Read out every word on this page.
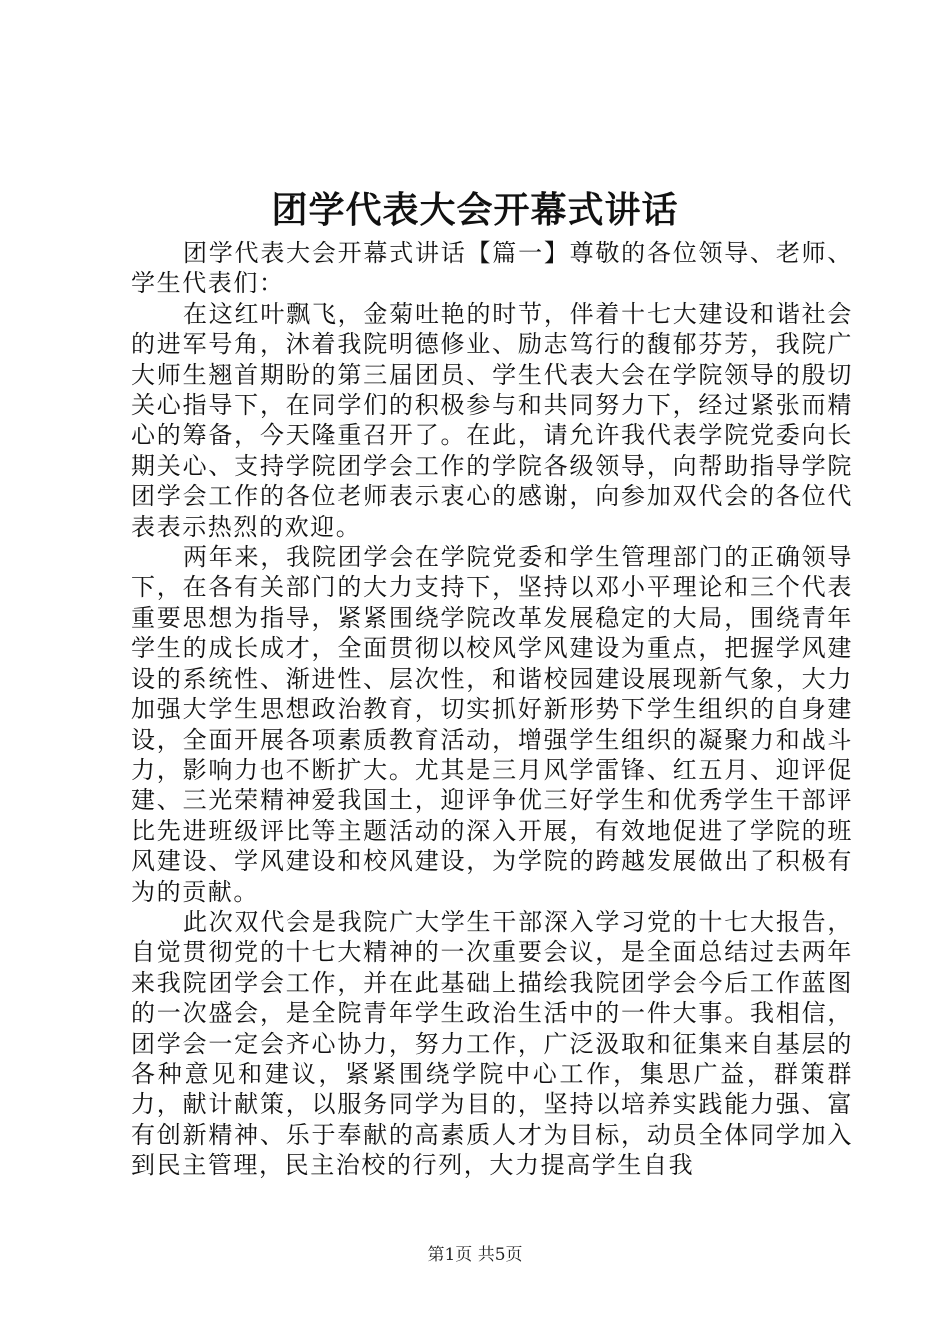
团学代表大会开幕式讲话

团学代表大会开幕式讲话【篇一】尊敬的各位领导、老师、学生代表们：

在这红叶飘飞，金菊吐艳的时节，伴着十七大建设和谐社会的进军号角，沐着我院明德修业、励志笃行的馥郁芬芳，我院广大师生翘首期盼的第三届团员、学生代表大会在学院领导的殷切关心指导下，在同学们的积极参与和共同努力下，经过紧张而精心的筹备，今天隆重召开了。在此，请允许我代表学院党委向长期关心、支持学院团学会工作的学院各级领导，向帮助指导学院团学会工作的各位老师表示衷心的感谢，向参加双代会的各位代表表示热烈的欢迎。

两年来，我院团学会在学院党委和学生管理部门的正确领导下，在各有关部门的大力支持下，坚持以邓小平理论和三个代表重要思想为指导，紧紧围绕学院改革发展稳定的大局，围绕青年学生的成长成才，全面贯彻以校风学风建设为重点，把握学风建设的系统性、渐进性、层次性，和谐校园建设展现新气象，大力加强大学生思想政治教育，切实抓好新形势下学生组织的自身建设，全面开展各项素质教育活动，增强学生组织的凝聚力和战斗力，影响力也不断扩大。尤其是三月风学雷锋、红五月、迎评促建、三光荣精神爱我国土，迎评争优三好学生和优秀学生干部评比先进班级评比等主题活动的深入开展，有效地促进了学院的班风建设、学风建设和校风建设，为学院的跨越发展做出了积极有为的贡献。

此次双代会是我院广大学生干部深入学习党的十七大报告，自觉贯彻党的十七大精神的一次重要会议，是全面总结过去两年来我院团学会工作，并在此基础上描绘我院团学会今后工作蓝图的一次盛会，是全院青年学生政治生活中的一件大事。我相信，团学会一定会齐心协力，努力工作，广泛汲取和征集来自基层的各种意见和建议，紧紧围绕学院中心工作，集思广益，群策群力，献计献策，以服务同学为目的，坚持以培养实践能力强、富有创新精神、乐于奉献的高素质人才为目标，动员全体同学加入到民主管理，民主治校的行列，大力提高学生自我

第1页 共5页
